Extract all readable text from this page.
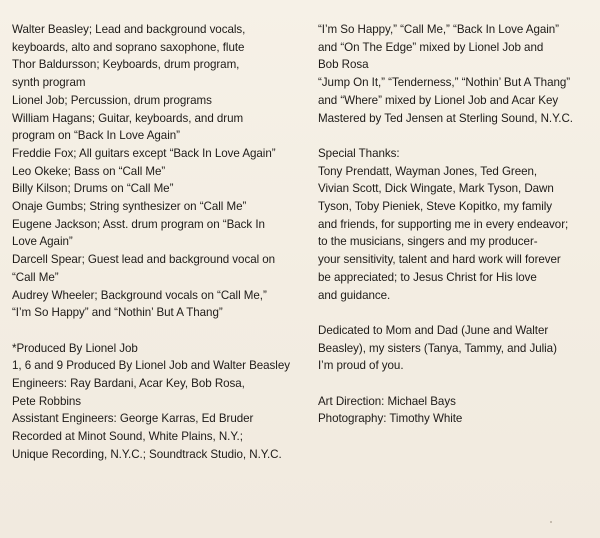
Walter Beasley; Lead and background vocals,
keyboards, alto and soprano saxophone, flute
Thor Baldursson; Keyboards, drum program,
synth program
Lionel Job; Percussion, drum programs
William Hagans; Guitar, keyboards, and drum
program on “Back In Love Again”
Freddie Fox; All guitars except “Back In Love Again”
Leo Okeke; Bass on “Call Me”
Billy Kilson; Drums on “Call Me”
Onaje Gumbs; String synthesizer on “Call Me”
Eugene Jackson; Asst. drum program on “Back In
Love Again”
Darcell Spear; Guest lead and background vocal on
“Call Me”
Audrey Wheeler; Background vocals on “Call Me,”
“I’m So Happy” and “Nothin’ But A Thang”
*Produced By Lionel Job
1, 6 and 9 Produced By Lionel Job and Walter Beasley
Engineers: Ray Bardani, Acar Key, Bob Rosa,
Pete Robbins
Assistant Engineers: George Karras, Ed Bruder
Recorded at Minot Sound, White Plains, N.Y.;
Unique Recording, N.Y.C.; Soundtrack Studio, N.Y.C.
“I’m So Happy,” “Call Me,” “Back In Love Again”
and “On The Edge” mixed by Lionel Job and
Bob Rosa
“Jump On It,” “Tenderness,” “Nothin’ But A Thang”
and “Where” mixed by Lionel Job and Acar Key
Mastered by Ted Jensen at Sterling Sound, N.Y.C.
Special Thanks:
Tony Prendatt, Wayman Jones, Ted Green,
Vivian Scott, Dick Wingate, Mark Tyson, Dawn
Tyson, Toby Pieniek, Steve Kopitko, my family
and friends, for supporting me in every endeavor;
to the musicians, singers and my producer-
your sensitivity, talent and hard work will forever
be appreciated; to Jesus Christ for His love
and guidance.
Dedicated to Mom and Dad (June and Walter
Beasley), my sisters (Tanya, Tammy, and Julia)
I’m proud of you.
Art Direction: Michael Bays
Photography: Timothy White
